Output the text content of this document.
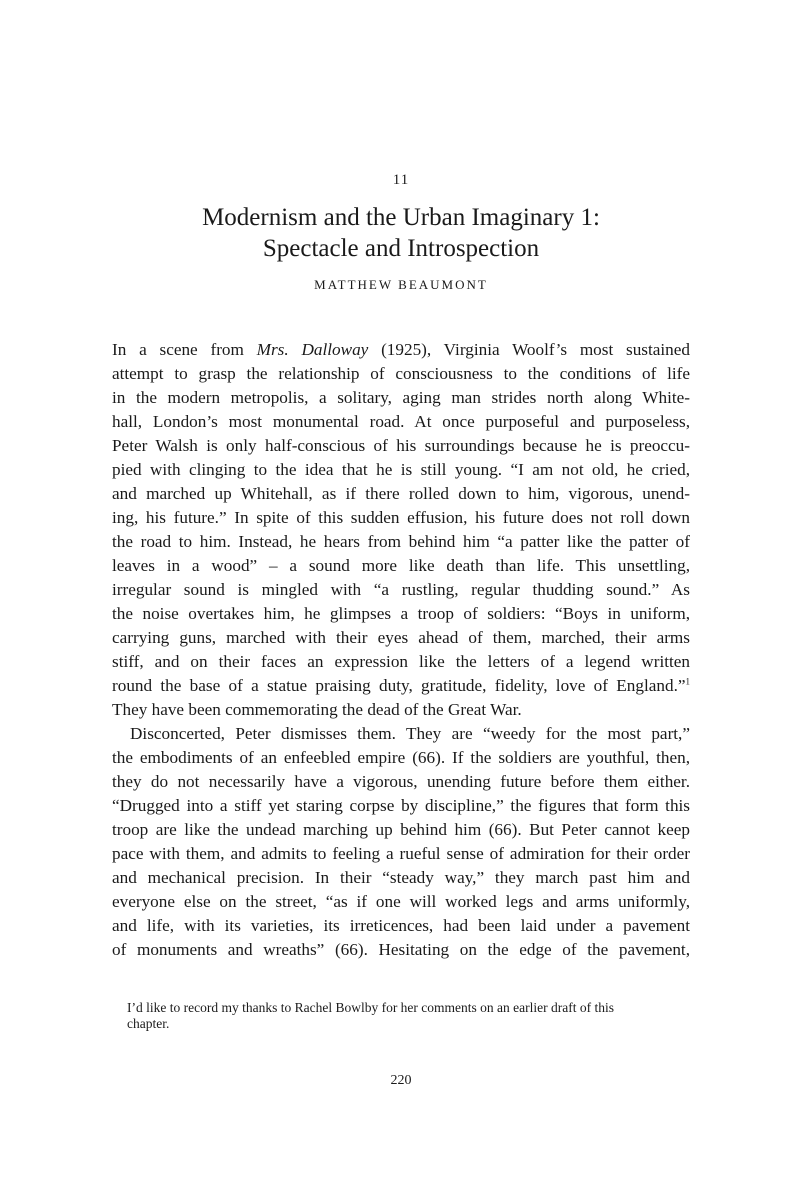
11
Modernism and the Urban Imaginary 1:
Spectacle and Introspection
MATTHEW BEAUMONT
In a scene from Mrs. Dalloway (1925), Virginia Woolf’s most sustained
attempt to grasp the relationship of consciousness to the conditions of life
in the modern metropolis, a solitary, aging man strides north along White-
hall, London’s most monumental road. At once purposeful and purposeless,
Peter Walsh is only half-conscious of his surroundings because he is preoccu-
pied with clinging to the idea that he is still young. “I am not old, he cried,
and marched up Whitehall, as if there rolled down to him, vigorous, unend-
ing, his future.” In spite of this sudden effusion, his future does not roll down
the road to him. Instead, he hears from behind him “a patter like the patter of
leaves in a wood” – a sound more like death than life. This unsettling,
irregular sound is mingled with “a rustling, regular thudding sound.” As
the noise overtakes him, he glimpses a troop of soldiers: “Boys in uniform,
carrying guns, marched with their eyes ahead of them, marched, their arms
stiff, and on their faces an expression like the letters of a legend written
round the base of a statue praising duty, gratitude, fidelity, love of England.”$^1$
They have been commemorating the dead of the Great War.
Disconcerted, Peter dismisses them. They are “weedy for the most part,”
the embodiments of an enfeebled empire (66). If the soldiers are youthful, then,
they do not necessarily have a vigorous, unending future before them either.
“Drugged into a stiff yet staring corpse by discipline,” the figures that form this
troop are like the undead marching up behind him (66). But Peter cannot keep
pace with them, and admits to feeling a rueful sense of admiration for their order
and mechanical precision. In their “steady way,” they march past him and
everyone else on the street, “as if one will worked legs and arms uniformly,
and life, with its varieties, its irreticences, had been laid under a pavement
of monuments and wreaths” (66). Hesitating on the edge of the pavement,
I’d like to record my thanks to Rachel Bowlby for her comments on an earlier draft of this
chapter.
220
